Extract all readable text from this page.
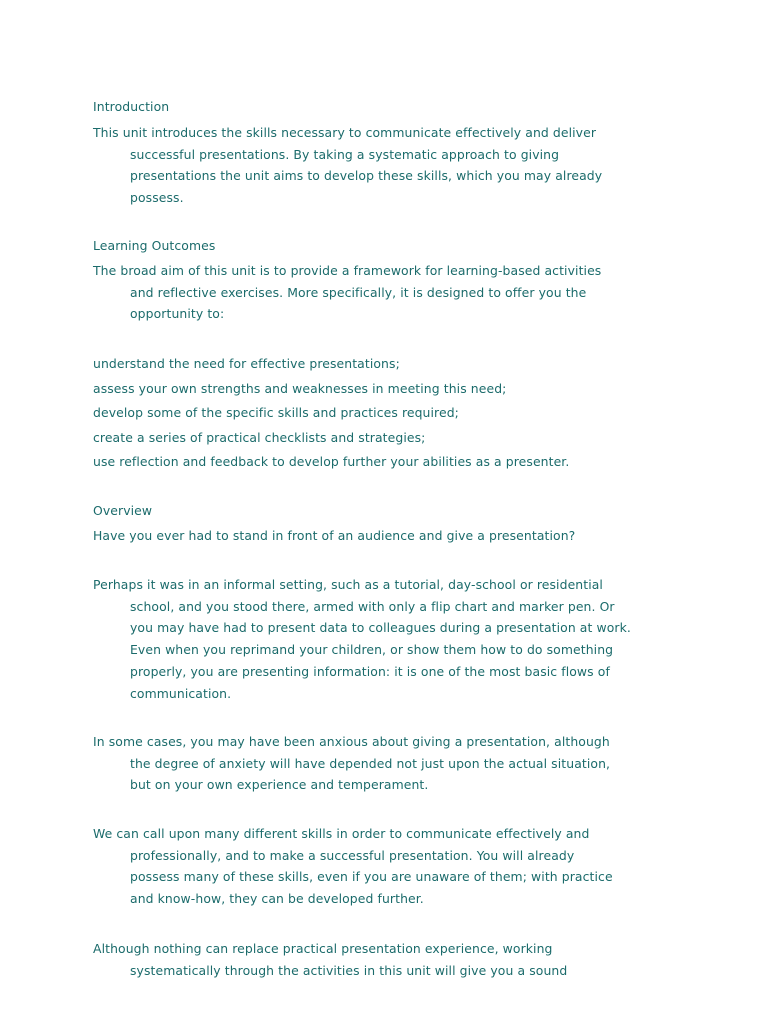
Introduction

This unit introduces the skills necessary to communicate effectively and deliver
successful presentations. By taking a systematic approach to giving
presentations the unit aims to develop these skills, which you may already
possess.

Learning Outcomes

The broad aim of this unit is to provide a framework for learning-based activities
and reflective exercises. More specifically, it is designed to offer you the
opportunity to:

understand the need for effective presentations;
assess your own strengths and weaknesses in meeting this need;
develop some of the specific skills and practices required;
create a series of practical checklists and strategies;
use reflection and feedback to develop further your abilities as a presenter.
Overview

Have you ever had to stand in front of an audience and give a presentation?

Perhaps it was in an informal setting, such as a tutorial, day-school or residential
school, and you stood there, armed with only a flip chart and marker pen. Or
you may have had to present data to colleagues during a presentation at work.
Even when you reprimand your children, or show them how to do something
properly, you are presenting information: it is one of the most basic flows of
communication.

In some cases, you may have been anxious about giving a presentation, although
the degree of anxiety will have depended not just upon the actual situation,
but on your own experience and temperament.

We can call upon many different skills in order to communicate effectively and
professionally, and to make a successful presentation. You will already
possess many of these skills, even if you are unaware of them; with practice
and know-how, they can be developed further.

Although nothing can replace practical presentation experience, working
systematically through the activities in this unit will give you a sound
